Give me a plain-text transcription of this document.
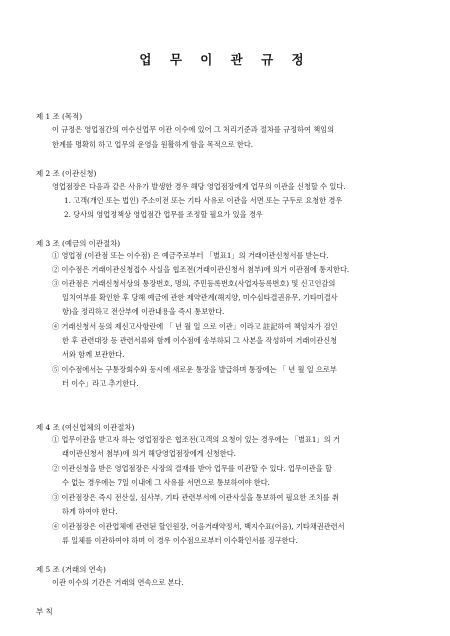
업 무 이 관 규 정
제 1 조 (목적)
이 규정은 영업점간의 여수신업무 이관 이수에 있어 그 처리기준과 절차를 규정하여 책임의
한계를 명확히 하고 업무의 운영을 원활하게 함을 목적으로 한다.
제 2 조 (이관신청)
영업점장은 다음과 같은 사유가 발생한 경우 해당 영업점장에게 업무의 이관을 신청할 수 있다.
1. 고객(개인 또는 법인) 주소이전 또는 기타 사유로 이관을 서면 또는 구두로 요청한 경우
2. 당사의 영업정책상 영업점간 업무를 조정할 필요가 있을 경우
제 3 조 (예금의 이관절차)
① 영업점 (이관점 또는 이수점) 은 예금주로부터 「별표1」의 거래이관신청서를 받는다.
② 이수점은 거래이관신청접수 사실을 협조전(거래이관신청서 첨부)에 의거 이관점에 통지한다.
③ 이관점은 거래신청서상의 통장번호, 명의, 주민등록번호(사업자등록번호) 및 신고인감의
일치여부를 확인한 후 당해 예금에 관한 제약관계(해지양, 미수심타결권유무, 기타미결사
항)을 정리하고 전산부에 이관내용을 즉시 통보한다.
④ 거래신청서 등의 제신고사항란에 「 년 월 일 으로 이관」이라고 註記하여 책임자가 검인
한 후 관련대장 등 관련서류와 함께 이수점에 송부하되 그 사본을 작성하여 거래이관신청
서와 함께 보관한다.
⑤ 이수점에서는 구통장회수와 동시에 새로운 통장을 발급하며 통장에는 「 년 월 일 으로부
터 이수」라고 추기한다.
제 4 조 (여신업체의 이관절차)
① 업무이관을 받고자 하는 영업점장은 협조전(고객의 요청이 있는 경우에는 「별표1」의 거
래이관신청서 첨부)에 의거 해당영업점장에게 신청한다.
② 이관신청을 받은 영업점장은 사장의 결재를 받아 업무를 이관할 수 있다. 업무이관을 할
수 없는 경우에는 7일 이내에 그 사유를 서면으로 통보하여야 한다.
③ 이관점장은 즉시 전산실, 심사부, 기타 관련부서에 이관사실을 통보하여 필요한 조치를 취
하게 하여야 한다.
④ 이관점장은 이관업체에 관련된 할인원장, 어음거래약정서, 백지수표(어음), 기타채권관련서
류 일체를 이관하여야 하며 이 경우 이수점으로부터 이수확인서를 징구한다.
제 5 조 (거래의 연속)
이관 이수의 기간은 거래의 연속으로 본다.
부 칙
